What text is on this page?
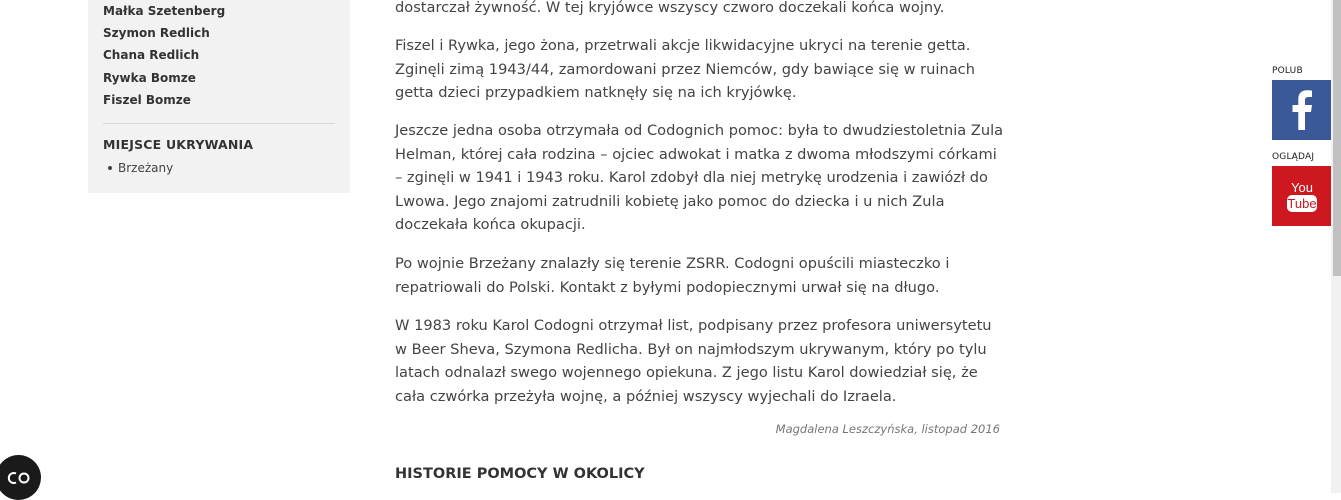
Małka Szetenberg
Szymon Redlich
Chana Redlich
Rywka Bomze
Fiszel Bomze
MIEJSCE UKRYWANIA
Brzeżany

dostarczał żywność. W tej kryjówce wszyscy czworo doczekali końca wojny.

Fiszel i Rywka, jego żona, przetrwali akcje likwidacyjne ukryci na terenie getta. Zginęli zimą 1943/44, zamordowani przez Niemców, gdy bawiące się w ruinach getta dzieci przypadkiem natknęły się na ich kryjówkę.

Jeszcze jedna osoba otrzymała od Codognich pomoc: była to dwudziestoletnia Zula Helman, której cała rodzina – ojciec adwokat i matka z dwoma młodszymi córkami – zginęli w 1941 i 1943 roku. Karol zdobył dla niej metrykę urodzenia i zawiózł do Lwowa. Jego znajomi zatrudnili kobietę jako pomoc do dziecka i u nich Zula doczekała końca okupacji.

Po wojnie Brzeżany znalazły się terenie ZSRR. Codogni opuścili miasteczko i repatriowali do Polski. Kontakt z byłymi podopiecznymi urwał się na długo.

W 1983 roku Karol Codogni otrzymał list, podpisany przez profesora uniwersytetu w Beer Sheva, Szymona Redlicha. Był on najmłodszym ukrywanym, który po tylu latach odnalazł swego wojennego opiekuna. Z jego listu Karol dowiedział się, że cała czwórka przeżyła wojnę, a później wszyscy wyjechali do Izraela.

Magdalena Leszczyńska, listopad 2016
HISTORIE POMOCY W OKOLICY
POLUB
OGLĄDAJ
You
Tube
